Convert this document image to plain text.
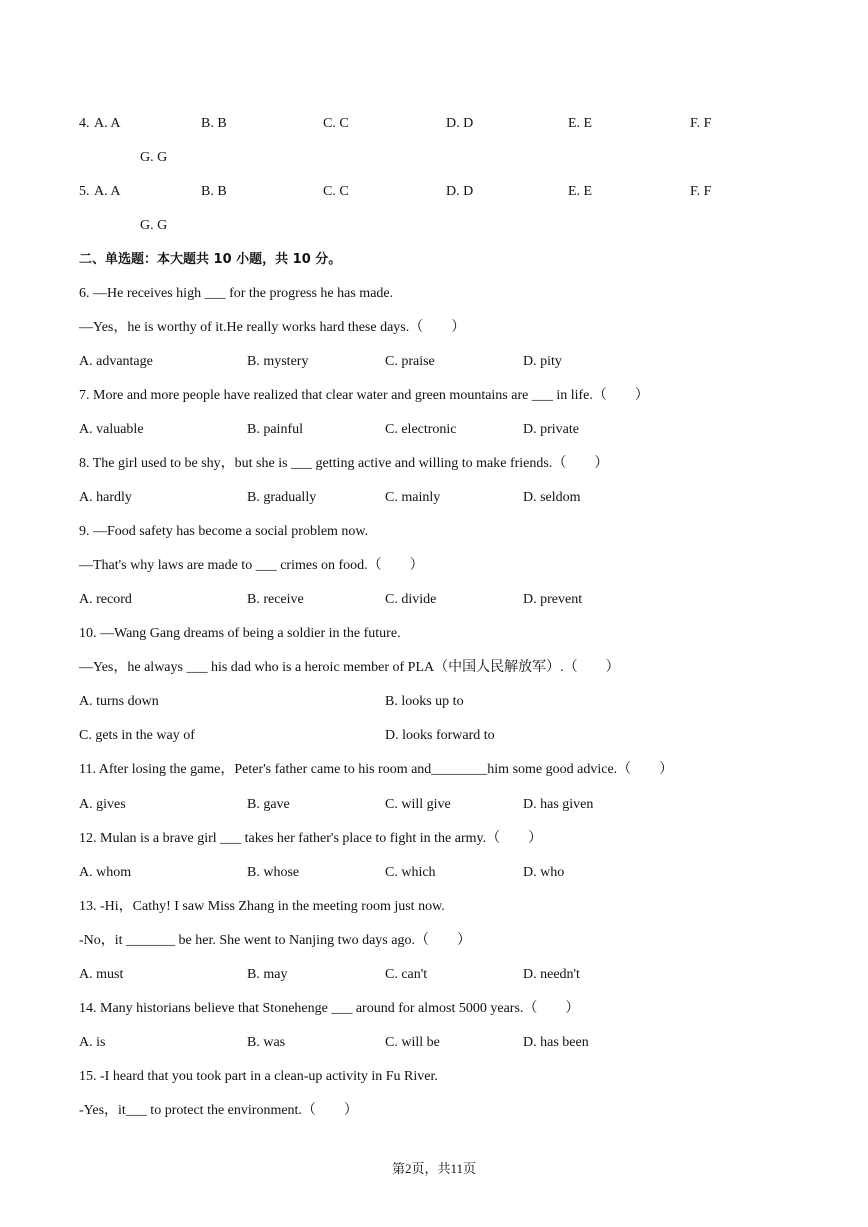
4. A. A	B. B	C. C	D. D	E. E	F. F
G. G
5. A. A	B. B	C. C	D. D	E. E	F. F
G. G
二、单选题：本大题共 10 小题，共 10 分。
6. —He receives high ___ for the progress he has made.
—Yes，he is worthy of it.He really works hard these days.（　　）
A. advantage	B. mystery	C. praise	D. pity
7. More and more people have realized that clear water and green mountains are ___ in life.（　　）
A. valuable	B. painful	C. electronic	D. private
8. The girl used to be shy，but she is ___ getting active and willing to make friends.（　　）
A. hardly	B. gradually	C. mainly	D. seldom
9. —Food safety has become a social problem now.
—That's why laws are made to ___ crimes on food.（　　）
A. record	B. receive	C. divide	D. prevent
10. —Wang Gang dreams of being a soldier in the future.
—Yes，he always ___ his dad who is a heroic member of PLA（中国人民解放军）.（　　）
A. turns down	B. looks up to
C. gets in the way of	D. looks forward to
11. After losing the game，Peter's father came to his room and________him some good advice.（　　）
A. gives	B. gave	C. will give	D. has given
12. Mulan is a brave girl ___ takes her father's place to fight in the army.（　　）
A. whom	B. whose	C. which	D. who
13. -Hi，Cathy! I saw Miss Zhang in the meeting room just now.
-No，it _______ be her. She went to Nanjing two days ago.（　　）
A. must	B. may	C. can't	D. needn't
14. Many historians believe that Stonehenge ___ around for almost 5000 years.（　　）
A. is	B. was	C. will be	D. has been
15. -I heard that you took part in a clean-up activity in Fu River.
-Yes，it___ to protect the environment.（　　）
第2页，共11页
